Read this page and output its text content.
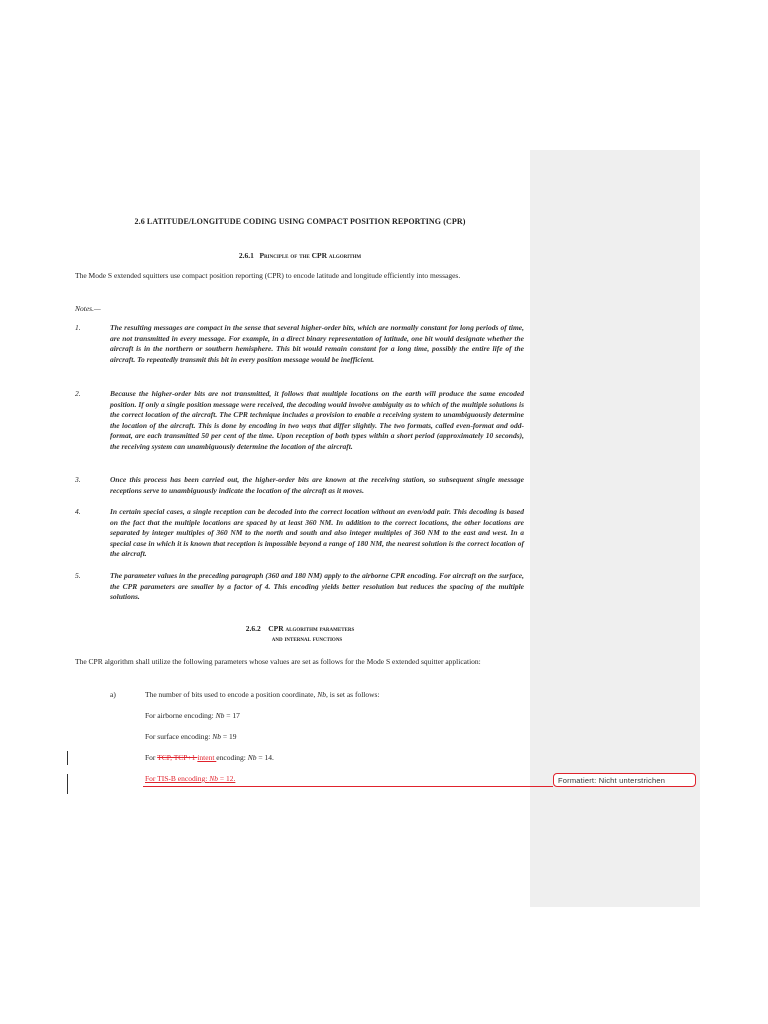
2.6 LATITUDE/LONGITUDE CODING USING COMPACT POSITION REPORTING (CPR)
2.6.1 Principle of the CPR algorithm
The Mode S extended squitters use compact position reporting (CPR) to encode latitude and longitude efficiently into messages.
Notes.—
1.	The resulting messages are compact in the sense that several higher-order bits, which are normally constant for long periods of time, are not transmitted in every message. For example, in a direct binary representation of latitude, one bit would designate whether the aircraft is in the northern or southern hemisphere. This bit would remain constant for a long time, possibly the entire life of the aircraft. To repeatedly transmit this bit in every position message would be inefficient.
2.	Because the higher-order bits are not transmitted, it follows that multiple locations on the earth will produce the same encoded position. If only a single position message were received, the decoding would involve ambiguity as to which of the multiple solutions is the correct location of the aircraft. The CPR technique includes a provision to enable a receiving system to unambiguously determine the location of the aircraft. This is done by encoding in two ways that differ slightly. The two formats, called even-format and odd-format, are each transmitted 50 per cent of the time. Upon reception of both types within a short period (approximately 10 seconds), the receiving system can unambiguously determine the location of the aircraft.
3.	Once this process has been carried out, the higher-order bits are known at the receiving station, so subsequent single message receptions serve to unambiguously indicate the location of the aircraft as it moves.
4.	In certain special cases, a single reception can be decoded into the correct location without an even/odd pair. This decoding is based on the fact that the multiple locations are spaced by at least 360 NM. In addition to the correct locations, the other locations are separated by integer multiples of 360 NM to the north and south and also integer multiples of 360 NM to the east and west. In a special case in which it is known that reception is impossible beyond a range of 180 NM, the nearest solution is the correct location of the aircraft.
5.	The parameter values in the preceding paragraph (360 and 180 NM) apply to the airborne CPR encoding. For aircraft on the surface, the CPR parameters are smaller by a factor of 4. This encoding yields better resolution but reduces the spacing of the multiple solutions.
2.6.2 CPR algorithm parameters
and internal functions
The CPR algorithm shall utilize the following parameters whose values are set as follows for the Mode S extended squitter application:
a)	The number of bits used to encode a position coordinate, Nb, is set as follows:
For airborne encoding: Nb = 17
For surface encoding: Nb = 19
For TCP, TCP+1 intent encoding: Nb = 14.
For TIS-B encoding: Nb = 12.	Formatiert: Nicht unterstrichen
